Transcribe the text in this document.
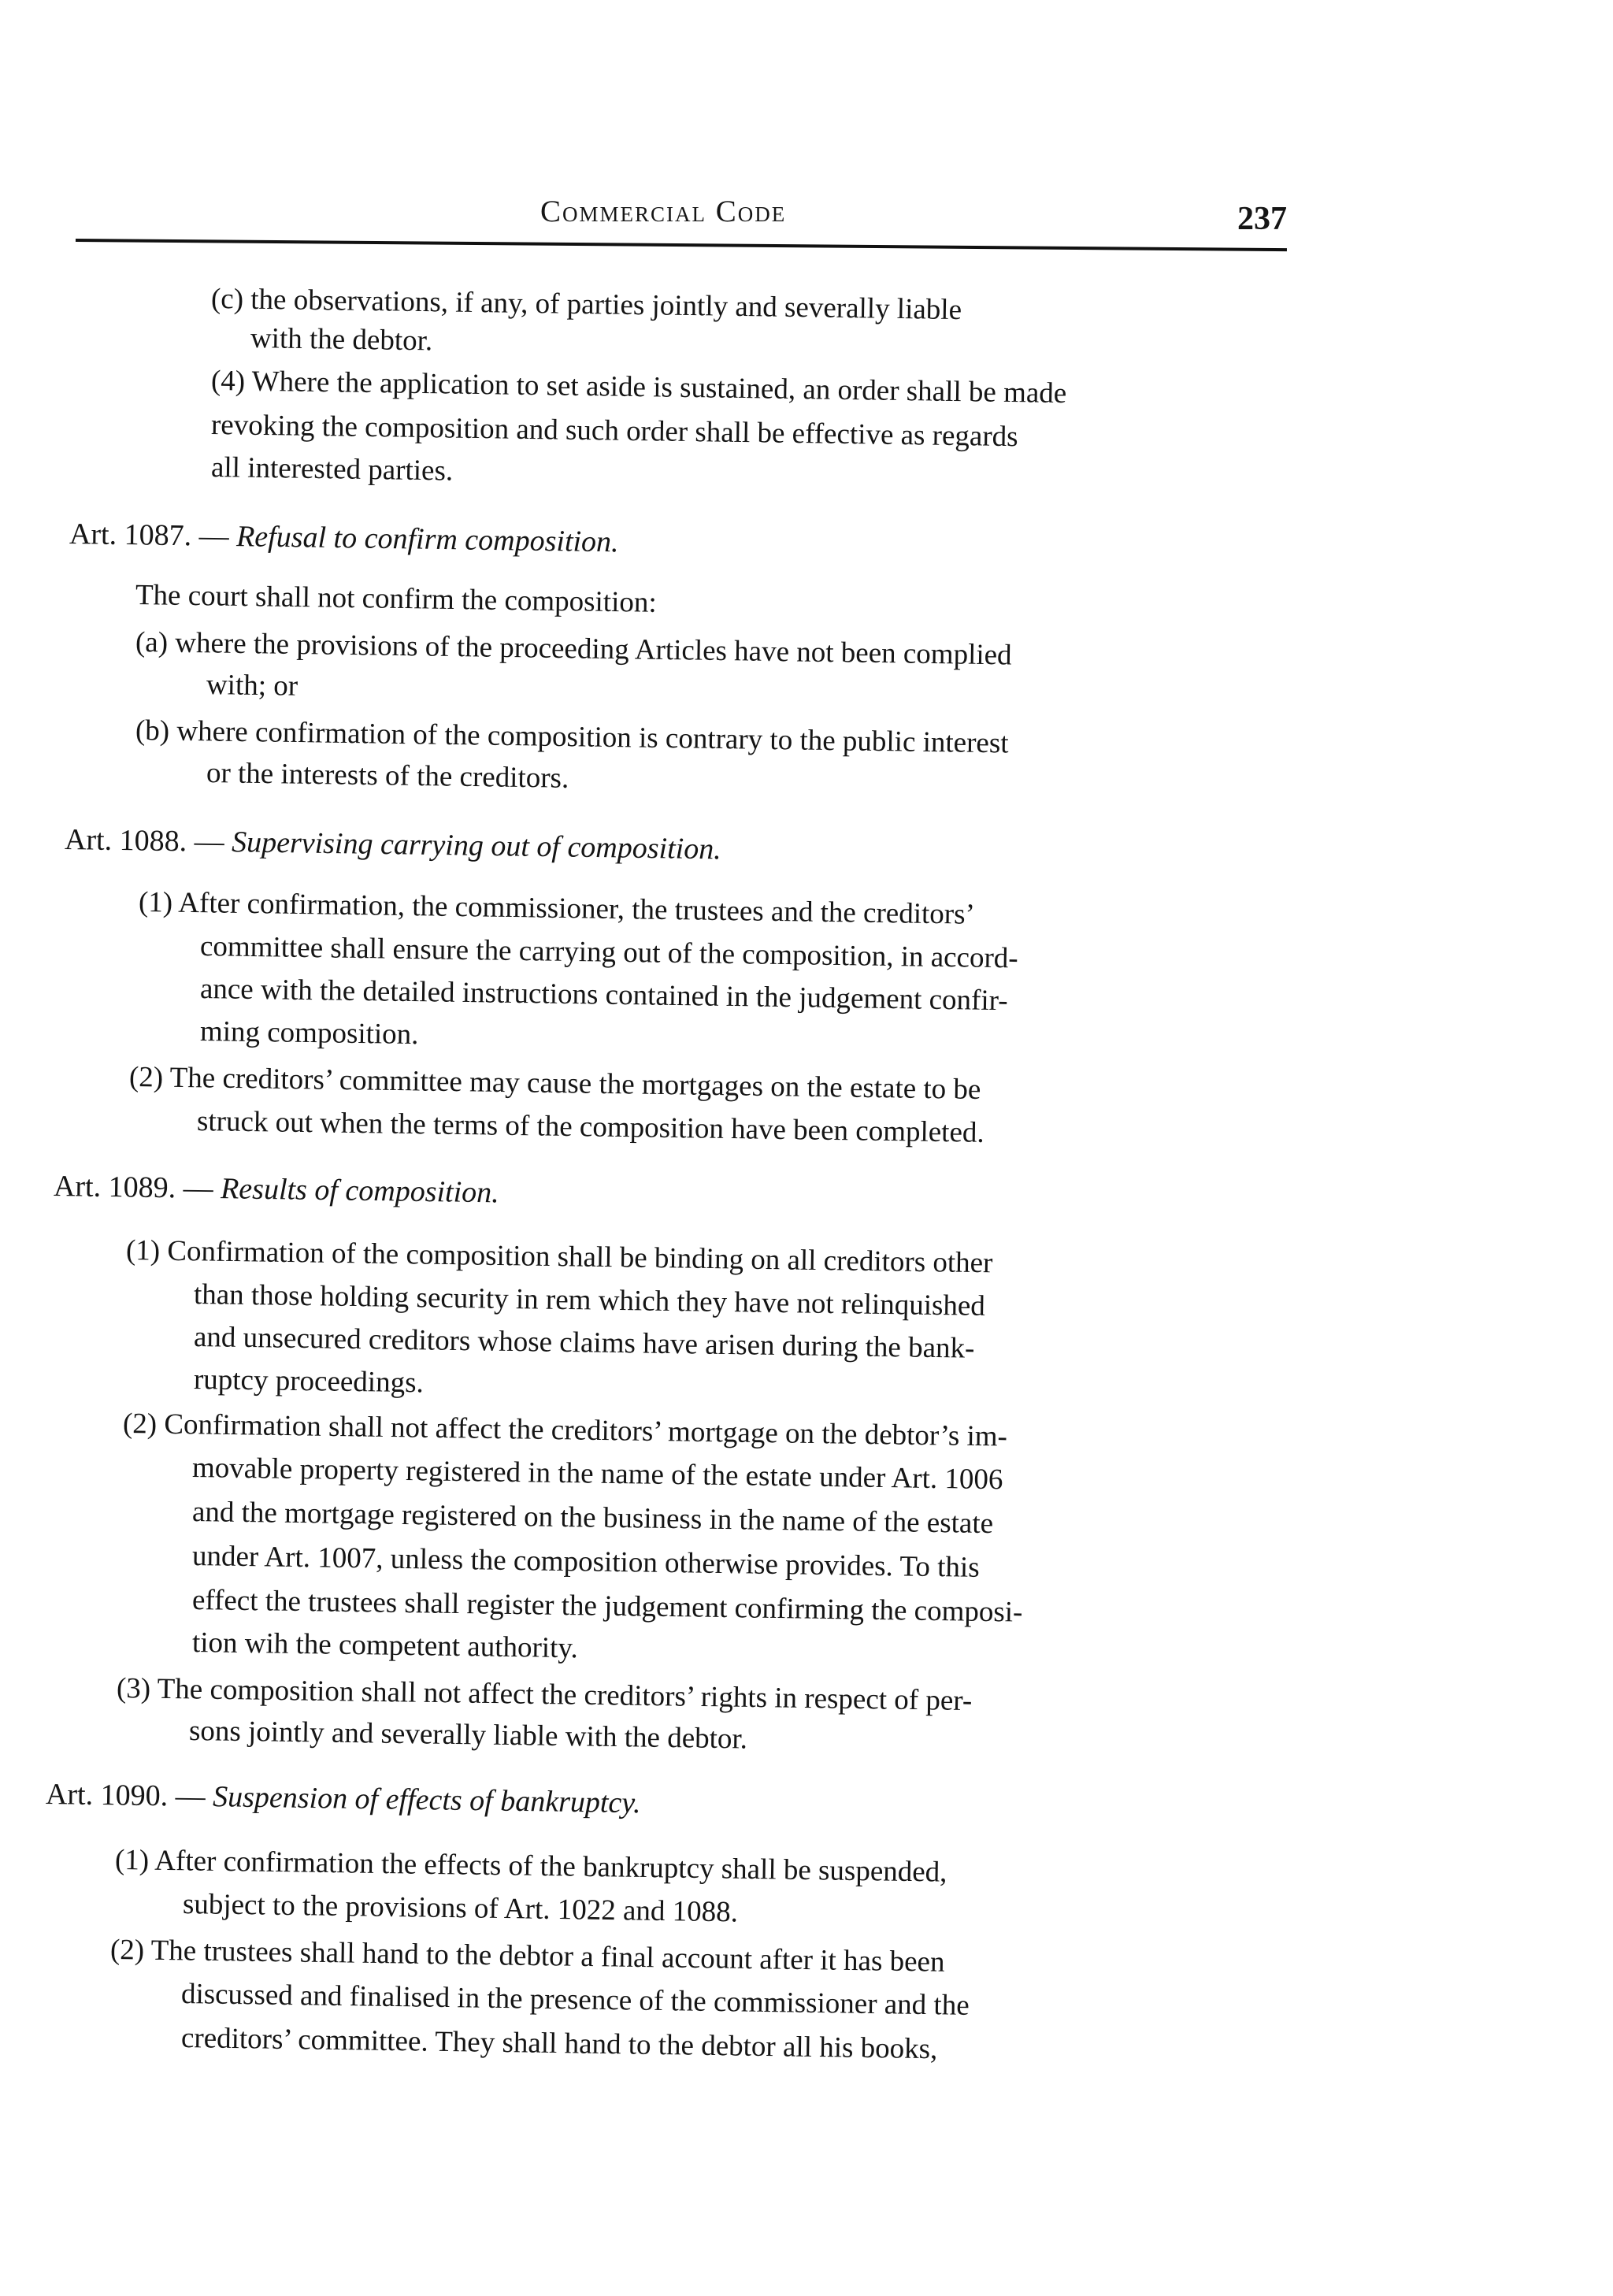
Commercial Code	237
(c) the observations, if any, of parties jointly and severally liable
with the debtor.
(4) Where the application to set aside is sustained, an order shall be made
revoking the composition and such order shall be effective as regards
all interested parties.
Art. 1087. — Refusal to confirm composition.
The court shall not confirm the composition:
(a) where the provisions of the proceeding Articles have not been complied
with; or
(b) where confirmation of the composition is contrary to the public interest
or the interests of the creditors.
Art. 1088. — Supervising carrying out of composition.
(1) After confirmation, the commissioner, the trustees and the creditors’
committee shall ensure the carrying out of the composition, in accord-
ance with the detailed instructions contained in the judgement confir-
ming composition.
(2) The creditors’ committee may cause the mortgages on the estate to be
struck out when the terms of the composition have been completed.
Art. 1089. — Results of composition.
(1) Confirmation of the composition shall be binding on all creditors other
than those holding security in rem which they have not relinquished
and unsecured creditors whose claims have arisen during the bank-
ruptcy proceedings.
(2) Confirmation shall not affect the creditors’ mortgage on the debtor’s im-
movable property registered in the name of the estate under Art. 1006
and the mortgage registered on the business in the name of the estate
under Art. 1007, unless the composition otherwise provides. To this
effect the trustees shall register the judgement confirming the composi-
tion wih the competent authority.
(3) The composition shall not affect the creditors’ rights in respect of per-
sons jointly and severally liable with the debtor.
Art. 1090. — Suspension of effects of bankruptcy.
(1) After confirmation the effects of the bankruptcy shall be suspended,
subject to the provisions of Art. 1022 and 1088.
(2) The trustees shall hand to the debtor a final account after it has been
discussed and finalised in the presence of the commissioner and the
creditors’ committee. They shall hand to the debtor all his books,
